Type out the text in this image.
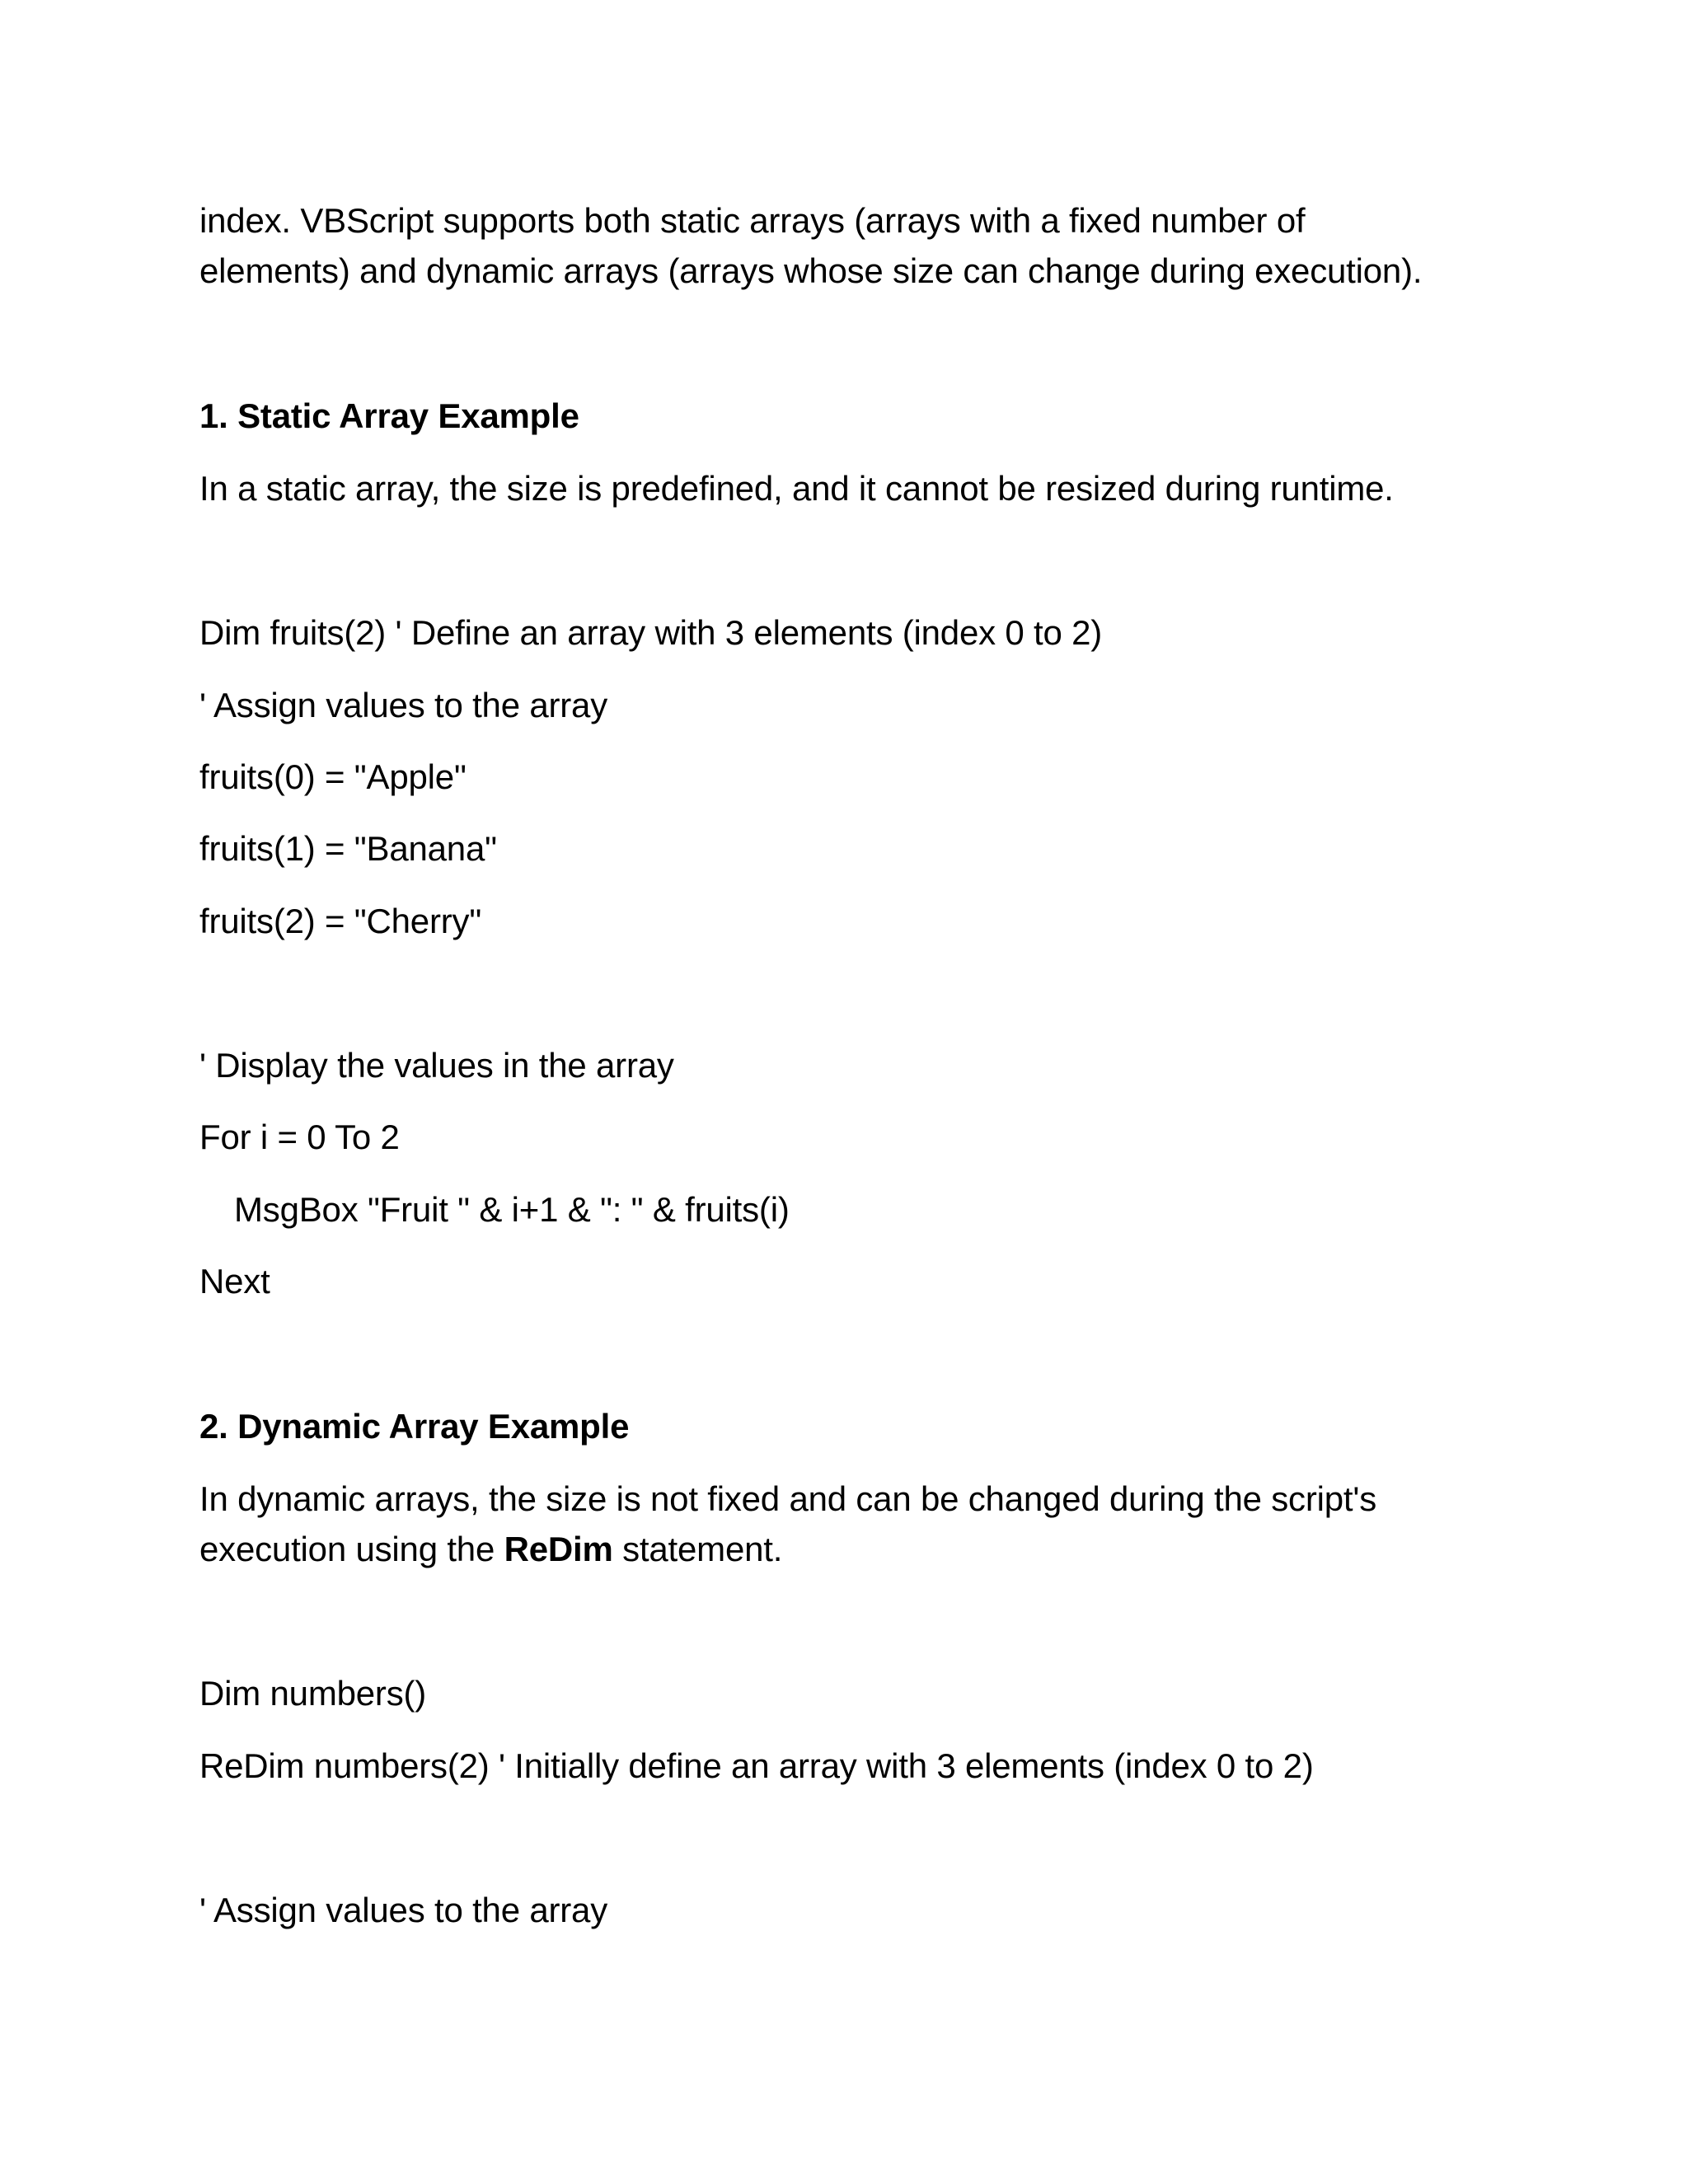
index. VBScript supports both static arrays (arrays with a fixed number of
elements) and dynamic arrays (arrays whose size can change during execution).
1. Static Array Example
In a static array, the size is predefined, and it cannot be resized during runtime.
Dim fruits(2) ' Define an array with 3 elements (index 0 to 2)
' Assign values to the array
fruits(0) = "Apple"
fruits(1) = "Banana"
fruits(2) = "Cherry"
' Display the values in the array
For i = 0 To 2
MsgBox "Fruit " & i+1 & ": " & fruits(i)
Next
2. Dynamic Array Example
In dynamic arrays, the size is not fixed and can be changed during the script's
execution using the ReDim statement.
Dim numbers()
ReDim numbers(2) ' Initially define an array with 3 elements (index 0 to 2)
' Assign values to the array
